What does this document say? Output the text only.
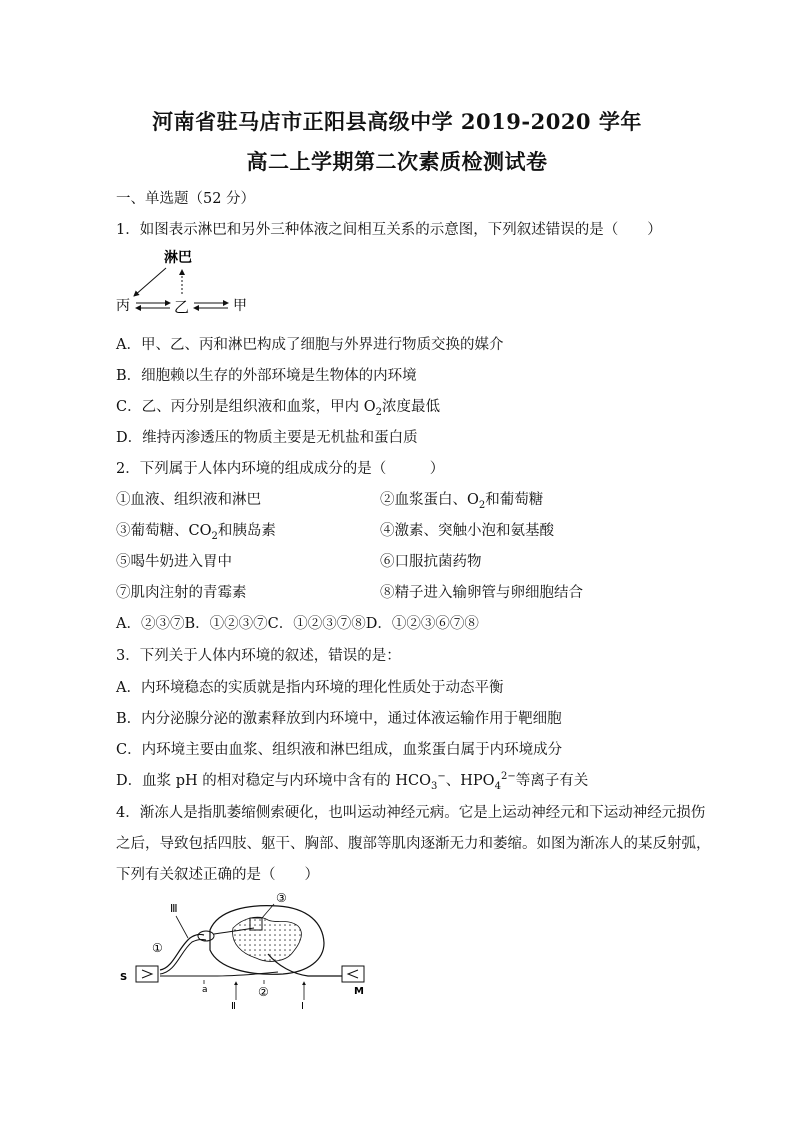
河南省驻马店市正阳县高级中学 2019-2020 学年
高二上学期第二次素质检测试卷
一、单选题（52 分）
1．如图表示淋巴和另外三种体液之间相互关系的示意图，下列叙述错误的是（　　）
淋巴
丙	乙	甲
A．甲、乙、丙和淋巴构成了细胞与外界进行物质交换的媒介
B．细胞赖以生存的外部环境是生物体的内环境
C．乙、丙分别是组织液和血浆，甲内 $O_2$浓度最低
D．维持丙渗透压的物质主要是无机盐和蛋白质
2．下列属于人体内环境的组成成分的是（　　　）
①血液、组织液和淋巴	②血浆蛋白、$O_2$和葡萄糖
③葡萄糖、$CO_2$和胰岛素	④激素、突触小泡和氨基酸
⑤喝牛奶进入胃中	⑥口服抗菌药物
⑦肌肉注射的青霉素	⑧精子进入输卵管与卵细胞结合
A．②③⑦B．①②③⑦C．①②③⑦⑧D．①②③⑥⑦⑧
3．下列关于人体内环境的叙述，错误的是：
A．内环境稳态的实质就是指内环境的理化性质处于动态平衡
B．内分泌腺分泌的激素释放到内环境中，通过体液运输作用于靶细胞
C．内环境主要由血浆、组织液和淋巴组成，血浆蛋白属于内环境成分
D．血浆 pH 的相对稳定与内环境中含有的 $HCO_3^-$、$HPO_4^{2-}$等离子有关
4．渐冻人是指肌萎缩侧索硬化，也叫运动神经元病。它是上运动神经元和下运动神经元损伤
之后，导致包括四肢、躯干、胸部、腹部等肌肉逐渐无力和萎缩。如图为渐冻人的某反射弧，
下列有关叙述正确的是（　　）
S
M
Ⅲ
①
③
a
Ⅱ
②
Ⅰ
